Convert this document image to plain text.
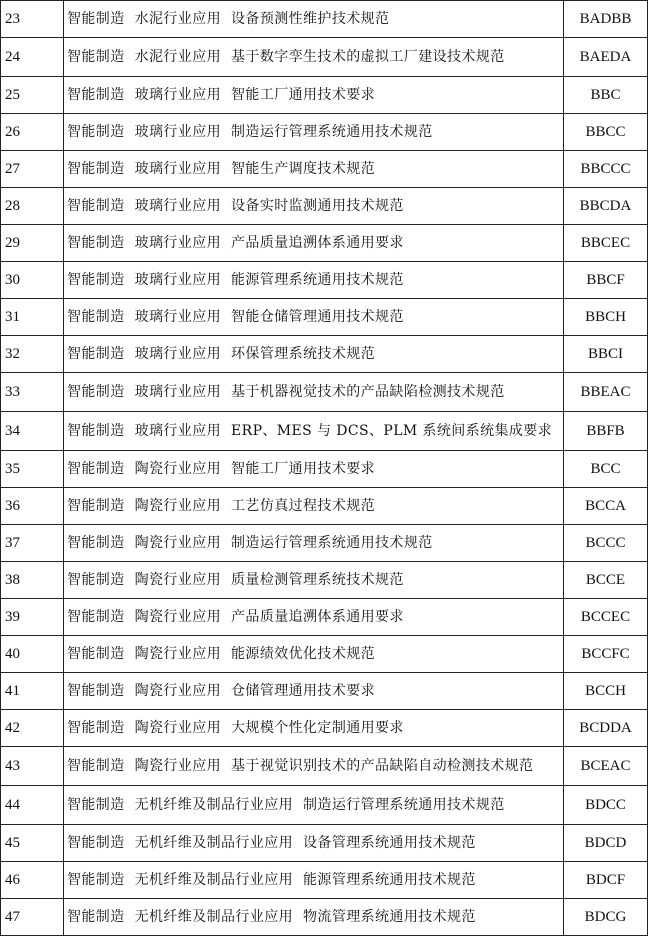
23	智能制造 水泥行业应用 设备预测性维护技术规范	BADBB
24	智能制造 水泥行业应用 基于数字孪生技术的虚拟工厂建设技术规范	BAEDA
25	智能制造 玻璃行业应用 智能工厂通用技术要求	BBC
26	智能制造 玻璃行业应用 制造运行管理系统通用技术规范	BBCC
27	智能制造 玻璃行业应用 智能生产调度技术规范	BBCCC
28	智能制造 玻璃行业应用 设备实时监测通用技术规范	BBCDA
29	智能制造 玻璃行业应用 产品质量追溯体系通用要求	BBCEC
30	智能制造 玻璃行业应用 能源管理系统通用技术规范	BBCF
31	智能制造 玻璃行业应用 智能仓储管理通用技术规范	BBCH
32	智能制造 玻璃行业应用 环保管理系统技术规范	BBCI
33	智能制造 玻璃行业应用 基于机器视觉技术的产品缺陷检测技术规范	BBEAC
34	智能制造 玻璃行业应用 ERP、MES 与 DCS、PLM 系统间系统集成要求	BBFB
35	智能制造 陶瓷行业应用 智能工厂通用技术要求	BCC
36	智能制造 陶瓷行业应用 工艺仿真过程技术规范	BCCA
37	智能制造 陶瓷行业应用 制造运行管理系统通用技术规范	BCCC
38	智能制造 陶瓷行业应用 质量检测管理系统技术规范	BCCE
39	智能制造 陶瓷行业应用 产品质量追溯体系通用要求	BCCEC
40	智能制造 陶瓷行业应用 能源绩效优化技术规范	BCCFC
41	智能制造 陶瓷行业应用 仓储管理通用技术要求	BCCH
42	智能制造 陶瓷行业应用 大规模个性化定制通用要求	BCDDA
43	智能制造 陶瓷行业应用 基于视觉识别技术的产品缺陷自动检测技术规范	BCEAC
44	智能制造 无机纤维及制品行业应用 制造运行管理系统通用技术规范	BDCC
45	智能制造 无机纤维及制品行业应用 设备管理系统通用技术规范	BDCD
46	智能制造 无机纤维及制品行业应用 能源管理系统通用技术规范	BDCF
47	智能制造 无机纤维及制品行业应用 物流管理系统通用技术规范	BDCG
